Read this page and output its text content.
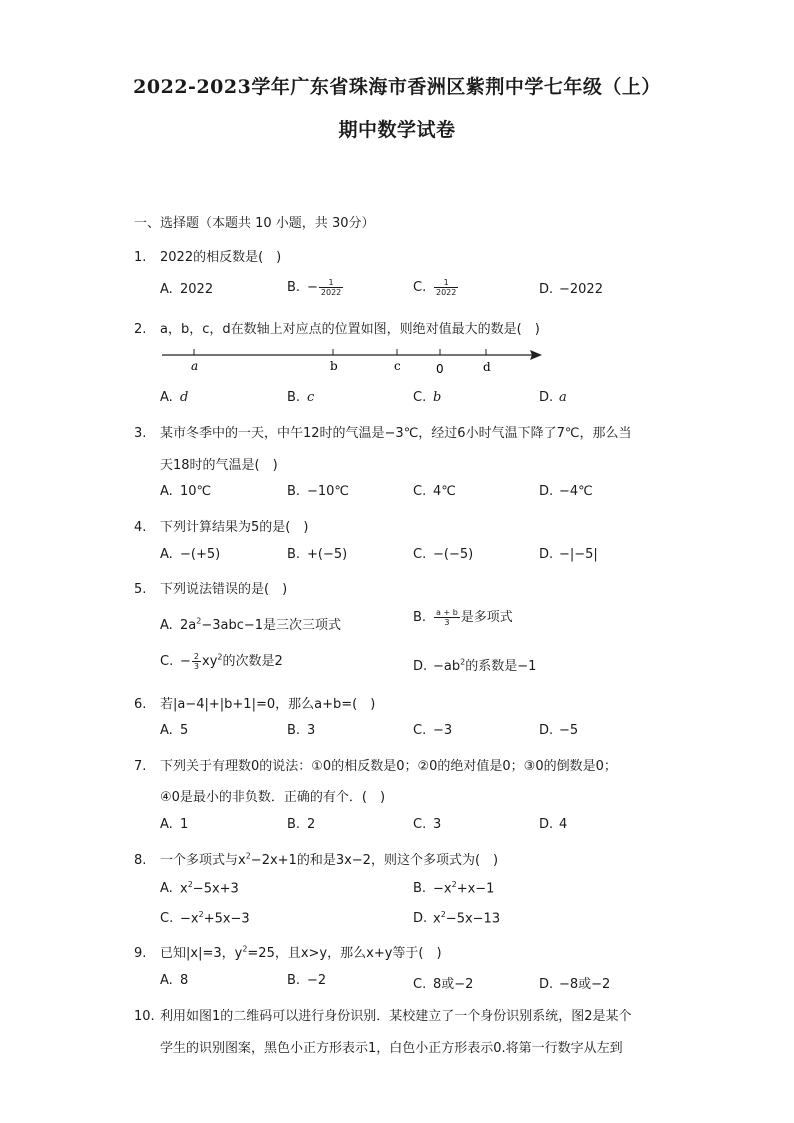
2022-2023学年广东省珠海市香洲区紫荆中学七年级（上）
期中数学试卷
一、选择题（本题共 10 小题，共 30分）
1. 2022的相反数是(　)
A. 2022	B. − $\frac{1}{2022}$	C. $\frac{1}{2022}$	D. −2022
2. a，b，c，d在数轴上对应点的位置如图，则绝对值最大的数是(　)
a	b	c	0	d
A. d	B. c	C. b	D. a
3. 某市冬季中的一天，中午12时的气温是−3℃，经过6小时气温下降了7℃，那么当
天18时的气温是(　)
A. 10℃	B. −10℃	C. 4℃	D. −4℃
4. 下列计算结果为5的是(　)
A. −(+5)	B. +(−5)	C. −(−5)	D. −|−5|
5. 下列说法错误的是(　)
A. $2a^2-3abc-1$是三次三项式
B. $\frac{a + b}{3}$ 是多项式
C. − $\frac{2}{3} xy^2$的次数是2	D. $-ab^2$的系数是−1
6. 若|a−4|+|b+1|=0，那么a+b=(　)
A. 5	B. 3	C. −3	D. −5
7. 下列关于有理数0的说法：①0的相反数是0；②0的绝对值是0；③0的倒数是0；
④0是最小的非负数．正确的有个．(　)
A. 1	B. 2	C. 3	D. 4
8. 一个多项式与$x^2-2x+1$的和是3x−2，则这个多项式为(　)
A. $x^2-5x+3$	B. $-x^2+x-1$
C. $-x^2+5x-3$	D. $x^2-5x-13$
9. 已知|x|=3，$y^2=25$，且x>y，那么x+y等于(　)
A. 8	B. −2	C. 8或−2	D. −8或−2
10. 利用如图1的二维码可以进行身份识别．某校建立了一个身份识别系统，图2是某个
学生的识别图案，黑色小正方形表示1，白色小正方形表示0.将第一行数字从左到
